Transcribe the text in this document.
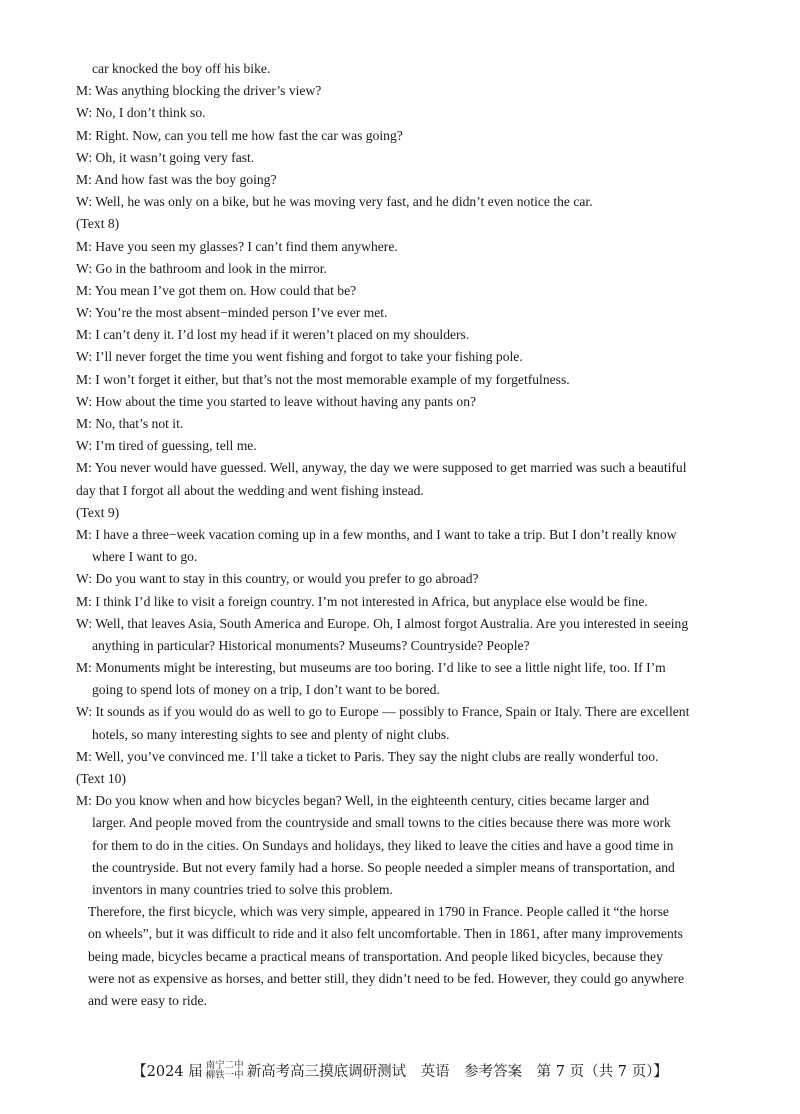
car knocked the boy off his bike.
M: Was anything blocking the driver’s view?
W: No, I don’t think so.
M: Right. Now, can you tell me how fast the car was going?
W: Oh, it wasn’t going very fast.
M: And how fast was the boy going?
W: Well, he was only on a bike, but he was moving very fast, and he didn’t even notice the car.
(Text 8)
M: Have you seen my glasses? I can’t find them anywhere.
W: Go in the bathroom and look in the mirror.
M: You mean I’ve got them on. How could that be?
W: You’re the most absent−minded person I’ve ever met.
M: I can’t deny it. I’d lost my head if it weren’t placed on my shoulders.
W: I’ll never forget the time you went fishing and forgot to take your fishing pole.
M: I won’t forget it either, but that’s not the most memorable example of my forgetfulness.
W: How about the time you started to leave without having any pants on?
M: No, that’s not it.
W: I’m tired of guessing, tell me.
M: You never would have guessed. Well, anyway, the day we were supposed to get married was such a beautiful
day that I forgot all about the wedding and went fishing instead.
(Text 9)
M: I have a three−week vacation coming up in a few months, and I want to take a trip. But I don’t really know
where I want to go.
W: Do you want to stay in this country, or would you prefer to go abroad?
M: I think I’d like to visit a foreign country. I’m not interested in Africa, but anyplace else would be fine.
W: Well, that leaves Asia, South America and Europe. Oh, I almost forgot Australia. Are you interested in seeing
anything in particular? Historical monuments? Museums? Countryside? People?
M: Monuments might be interesting, but museums are too boring. I’d like to see a little night life, too. If I’m
going to spend lots of money on a trip, I don’t want to be bored.
W: It sounds as if you would do as well to go to Europe — possibly to France, Spain or Italy. There are excellent
hotels, so many interesting sights to see and plenty of night clubs.
M: Well, you’ve convinced me. I’ll take a ticket to Paris. They say the night clubs are really wonderful too.
(Text 10)
M: Do you know when and how bicycles began? Well, in the eighteenth century, cities became larger and
larger. And people moved from the countryside and small towns to the cities because there was more work
for them to do in the cities. On Sundays and holidays, they liked to leave the cities and have a good time in
the countryside. But not every family had a horse. So people needed a simpler means of transportation, and
inventors in many countries tried to solve this problem.
Therefore, the first bicycle, which was very simple, appeared in 1790 in France. People called it “the horse
on wheels”, but it was difficult to ride and it also felt uncomfortable. Then in 1861, after many improvements
being made, bicycles became a practical means of transportation. And people liked bicycles, because they
were not as expensive as horses, and better still, they didn’t need to be fed. However, they could go anywhere
and were easy to ride.
【2024 届 南宁二中
柳铁一中 新高考高三摸底调研测试　英语　参考答案　第 7 页（共 7 页）】
